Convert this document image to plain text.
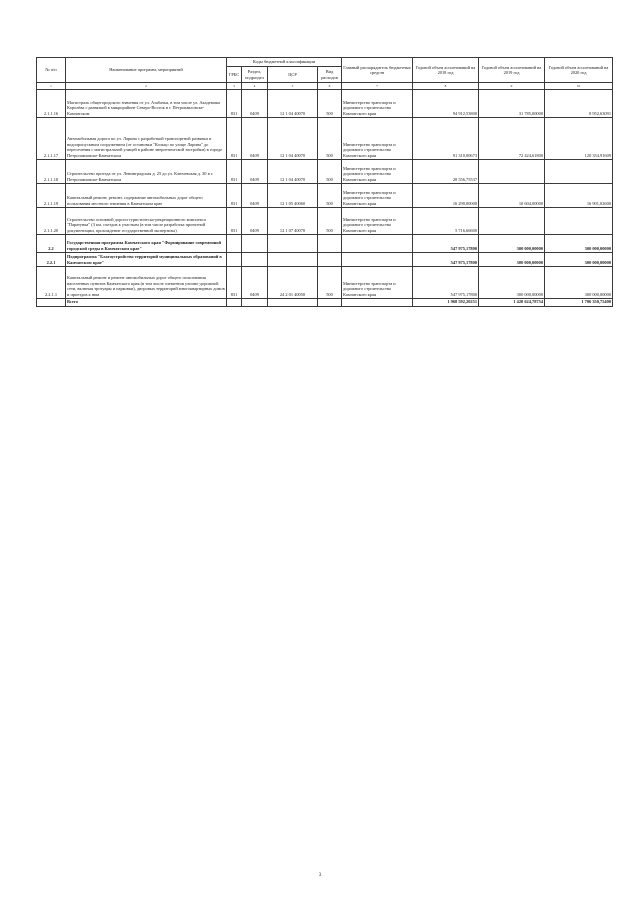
№ п/п	Наименование программ, мероприятий	Коды бюджетной классификации				Главный распорядитель бюджетных средств	Годовой объем ассигнований на 2018 год	Годовой объем ассигнований на 2019 год	Годовой объем ассигнований на 2020 год
		ГРБС	Раздел, подраздел	ЦСР	Вид расходов				
1	2	3	4	5	6	7	8	9	10
2.1.1.16	Магистраль общегородского значения от ул. Азабачья, в том числе ул. Академика Королёва с развязкой в микрорайоне Северо-Восток в г. Петропавловске-Камчатском	831	0409	12 1 04 40070	500	Министерство транспорта и дорожного строительства Камчатского края	94 912,53800	31 785,00000	8 952,63091
2.1.1.17	Автомобильная дорога по ул. Ларина с разработкой транспортной развязки и водопропускным сооружением (от остановки "Кольцо по улице Ларина" до пересечения с магистральной улицей в районе энергетической застройки) в городе Петропавловске-Камчатском	831	0409	12 1 04 40070	500	Министерство транспорта и дорожного строительства Камчатского края	91 310,00673	72 424,61800	120 354,91609
2.1.1.18	Строительство проезда от ул. Ленинградская д. 25 до ул. Ключевская д. 30 в г. Петропавловске-Камчатском	831	0409	12 1 04 40070	500	Министерство транспорта и дорожного строительства Камчатского края	28 556,75537		
2.1.1.19	Капитальный ремонт, ремонт, содержание автомобильных дорог общего пользования местного значения в Камчатском крае	831	0409	12 1 05 40060	500	Министерство транспорта и дорожного строительства Камчатского края	16 290,00000	10 604,00000	16 901,02600
2.1.1.20	Строительство основной дороги туристическо-рекреационного комплекса "Паратунка" (3 км. съездов к участкам (в том числе разработка проектной документации, прохождение государственной экспертизы)	831	0409	12 1 07 40070	500	Министерство транспорта и дорожного строительства Камчатского края	5 716,66600		
2.2	Государственная программа Камчатского края "Формирование современной городской среды в Камчатском крае"						547 975,17800	300 000,00000	300 000,00000
2.2.1	Подпрограмма "Благоустройство территорий муниципальных образований в Камчатском крае"						547 975,17800	300 000,00000	300 000,00000
2.2.1.1	Капитальный ремонт и ремонт автомобильных дорог общего пользования населенных пунктов Камчатского края (в том числе элементов улично-дорожной сети, включая тротуары и парковки), дворовых территорий многоквартирных домов и проездов к ним	831	0409	24 2 01 40050	500	Министерство транспорта и дорожного строительства Камчатского края	547 975,17800	300 000,00000	300 000,00000
	Всего						1 968 592,20251	1 420 624,78754	1 706 350,75400
3
